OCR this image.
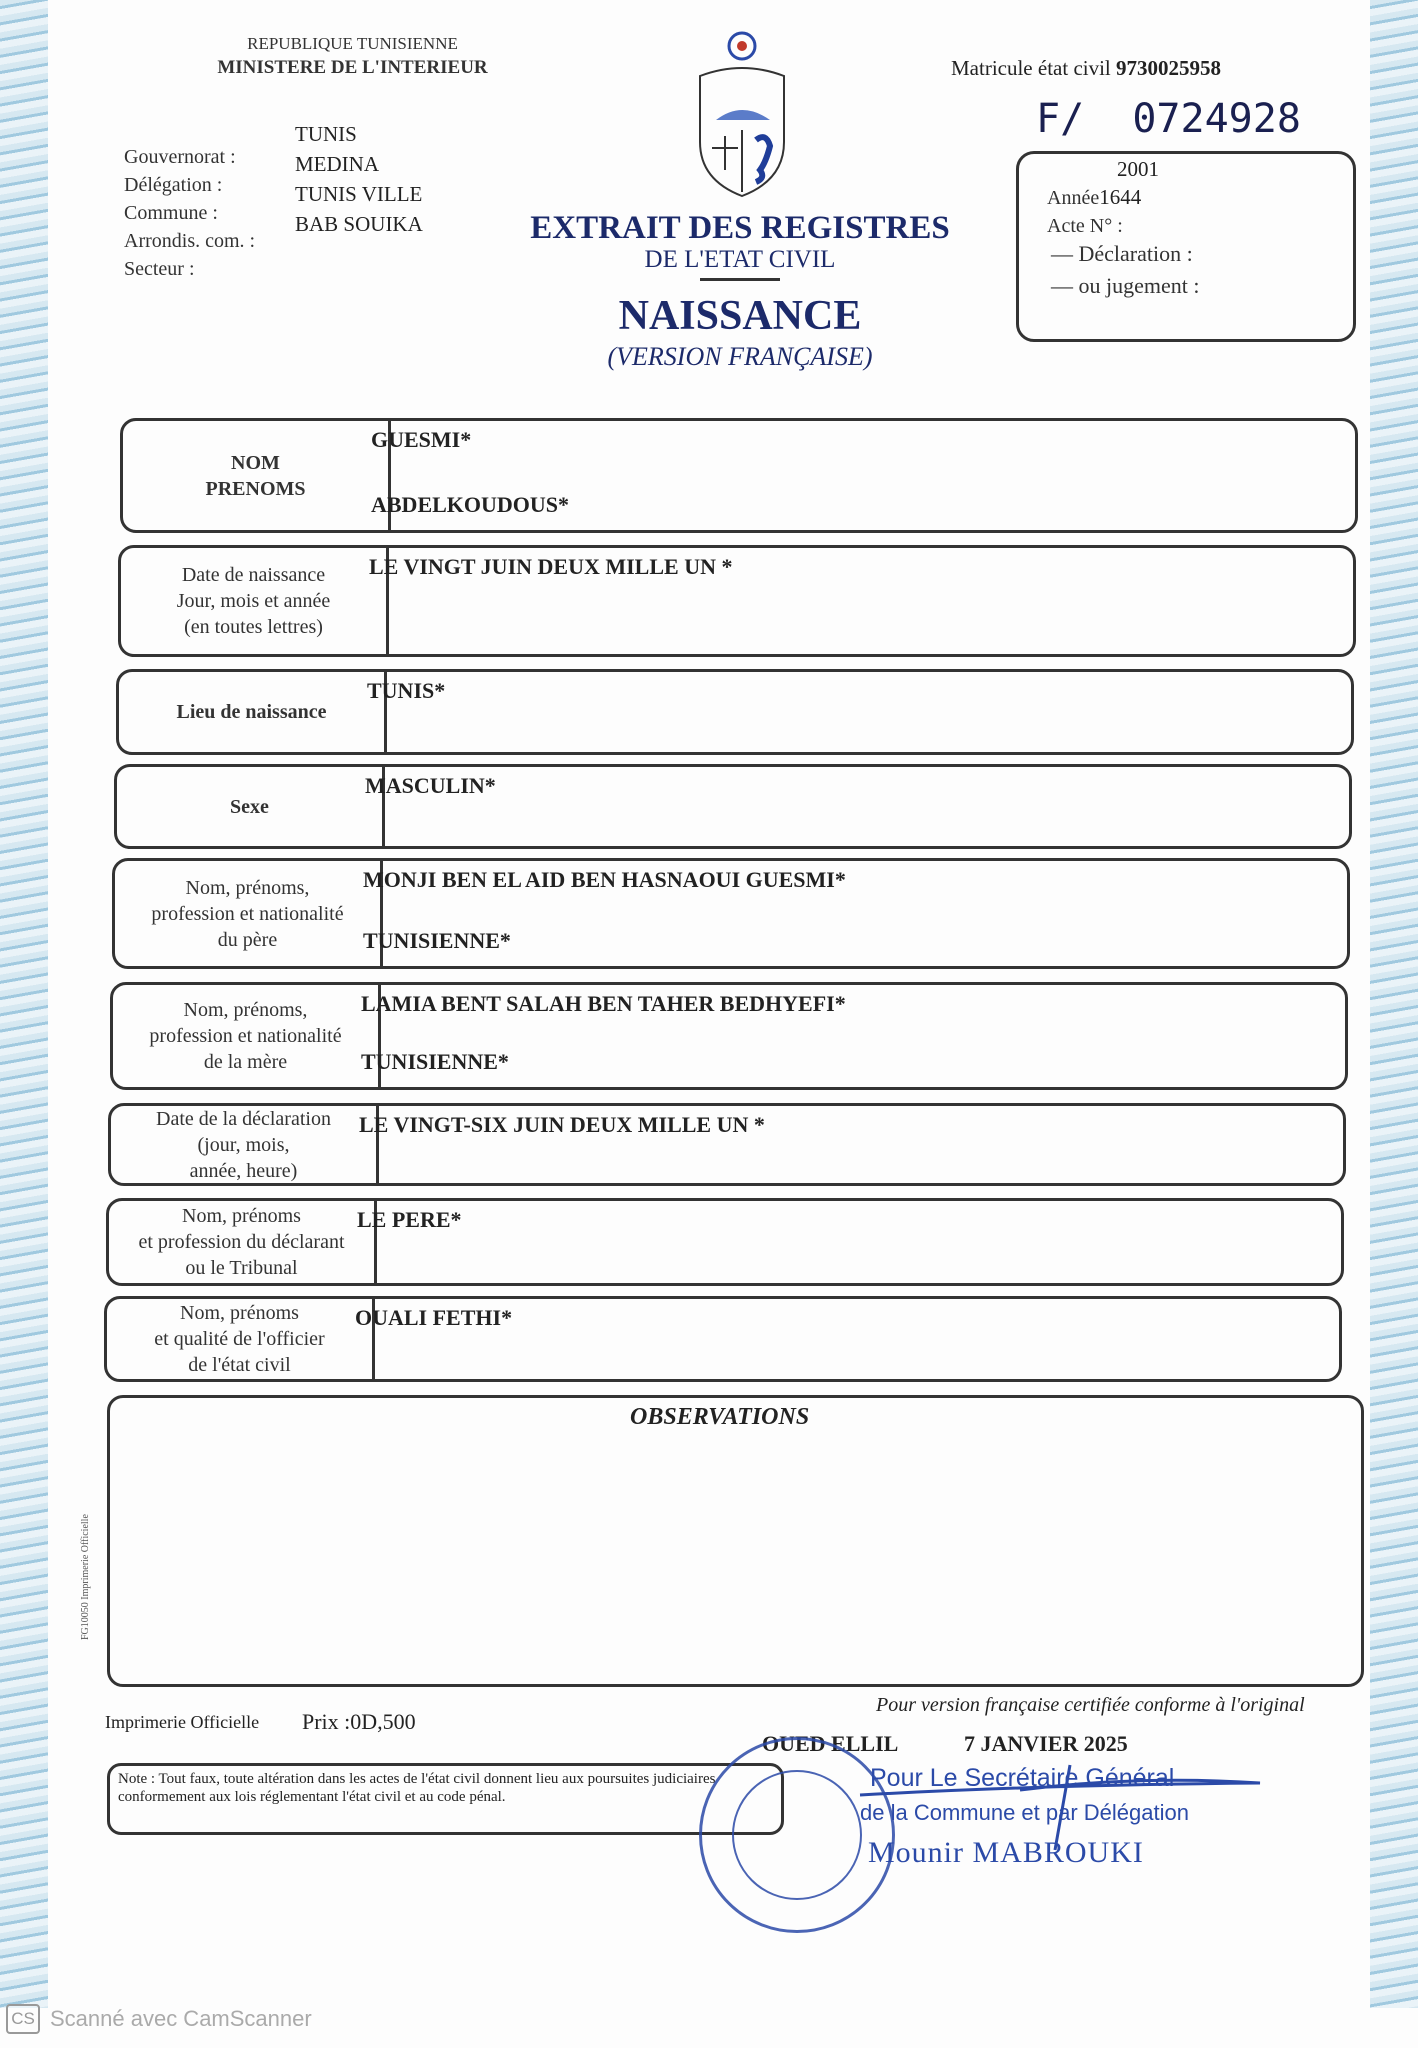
REPUBLIQUE TUNISIENNE
MINISTERE DE L'INTERIEUR
Gouvernorat :
Délégation :
Commune :
Arrondis. com. :
Secteur :
TUNIS
MEDINA
TUNIS VILLE
BAB SOUIKA	EXTRAIT DES REGISTRES
DE L'ETAT CIVIL
NAISSANCE
(VERSION FRANÇAISE)
Matricule état civil 9730025958
F/  0724928
2001
Année1644
Acte N° :
— Déclaration :
— ou jugement :
NOM
PRENOMS
GUESMI*
ABDELKOUDOUS*
Date de naissance
Jour, mois et année
(en toutes lettres)
LE VINGT JUIN DEUX MILLE UN *
Lieu de naissance
TUNIS*
Sexe
MASCULIN*
Nom, prénoms,
profession et nationalité
du père
MONJI BEN EL AID BEN HASNAOUI GUESMI*
TUNISIENNE*
Nom, prénoms,
profession et nationalité
de la mère
LAMIA BENT SALAH BEN TAHER BEDHYEFI*
TUNISIENNE*
Date de la déclaration
(jour, mois,
année, heure)
LE VINGT-SIX JUIN DEUX MILLE UN *
Nom, prénoms
et profession du déclarant
ou le Tribunal
LE PERE*
Nom, prénoms
et qualité de l'officier
de l'état civil
OUALI FETHI*
OBSERVATIONS
FG10050 Imprimerie Officielle
Imprimerie Officielle Prix :0D,500
Pour version française certifiée conforme à l'original
OUED ELLIL	7 JANVIER 2025
Note : Tout faux, toute altération dans les actes de l'état civil donnent lieu aux poursuites judiciaires conformement aux lois réglementant l'état civil et au code pénal.
Pour Le Secrétaire Général
de la Commune et par Délégation
Mounir MABROUKI
CS Scanné avec CamScanner
